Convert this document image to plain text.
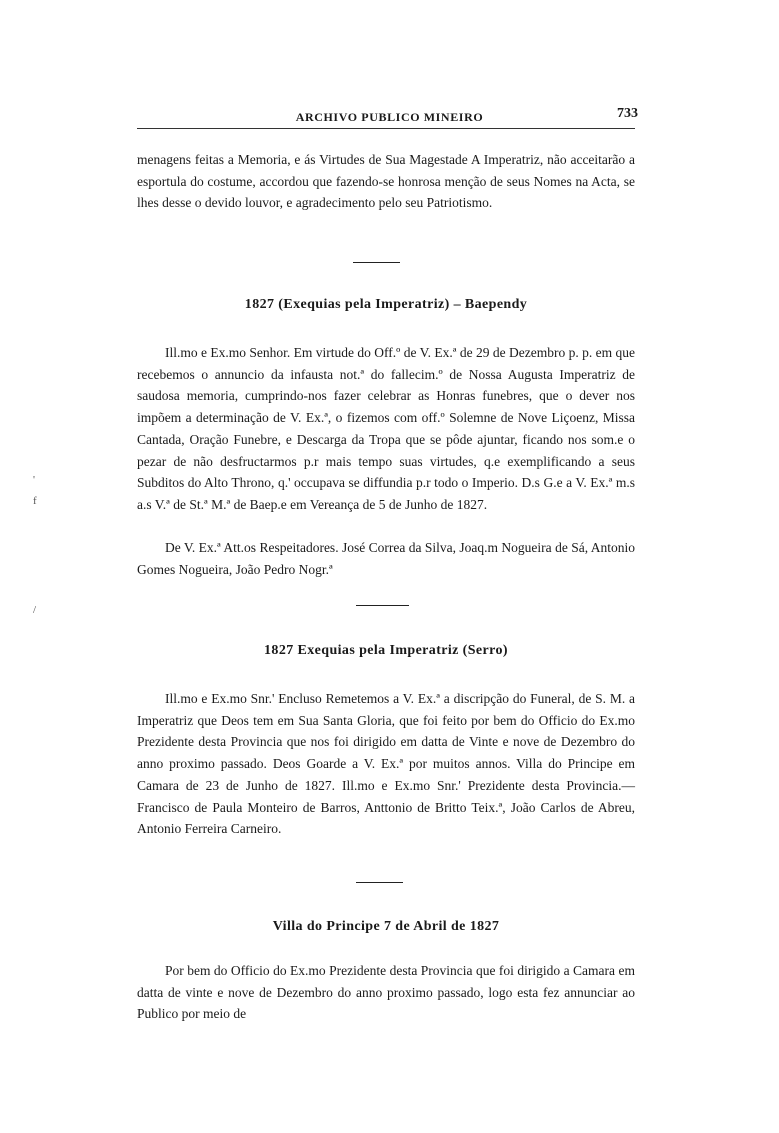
ARCHIVO PUBLICO MINEIRO	733

menagens feitas a Memoria, e ás Virtudes de Sua Magestade A Imperatriz, não acceitarão a esportula do costume, accordou que fazendo-se honrosa menção de seus Nomes na Acta, se lhes desse o devido louvor, e agradecimento pelo seu Patriotismo.

1827 (Exequias pela Imperatriz) – Baependy

Ill.mo e Ex.mo Senhor. Em virtude do Off.º de V. Ex.ª de 29 de Dezembro p. p. em que recebemos o annuncio da infausta not.ª do fallecim.º de Nossa Augusta Imperatriz de saudosa memoria, cumprindo-nos fazer celebrar as Honras funebres, que o dever nos impõem a determinação de V. Ex.ª, o fizemos com off.º Solemne de Nove Liçoenz, Missa Cantada, Oração Funebre, e Descarga da Tropa que se pôde ajuntar, ficando nos som.e o pezar de não desfructarmos p.r mais tempo suas virtudes, q.e exemplificando a seus Subditos do Alto Throno, q.' occupava se diffundia p.r todo o Imperio. D.s G.e a V. Ex.ª m.s a.s V.ª de St.ª M.ª de Baep.e em Vereança de 5 de Junho de 1827.

De V. Ex.ª Att.os Respeitadores. José Correa da Silva, Joaq.m Nogueira de Sá, Antonio Gomes Nogueira, João Pedro Nogr.ª

1827 Exequias pela Imperatriz (Serro)

Ill.mo e Ex.mo Snr.' Encluso Remetemos a V. Ex.ª a discripção do Funeral, de S. M. a Imperatriz que Deos tem em Sua Santa Gloria, que foi feito por bem do Officio do Ex.mo Prezidente desta Provincia que nos foi dirigido em datta de Vinte e nove de Dezembro do anno proximo passado. Deos Goarde a V. Ex.ª por muitos annos. Villa do Principe em Camara de 23 de Junho de 1827. Ill.mo e Ex.mo Snr.' Prezidente desta Provincia.— Francisco de Paula Monteiro de Barros, Anttonio de Britto Teix.ª, João Carlos de Abreu, Antonio Ferreira Carneiro.

Villa do Principe 7 de Abril de 1827

Por bem do Officio do Ex.mo Prezidente desta Provincia que foi dirigido a Camara em datta de vinte e nove de Dezembro do anno proximo passado, logo esta fez annunciar ao Publico por meio de

'
f
/
